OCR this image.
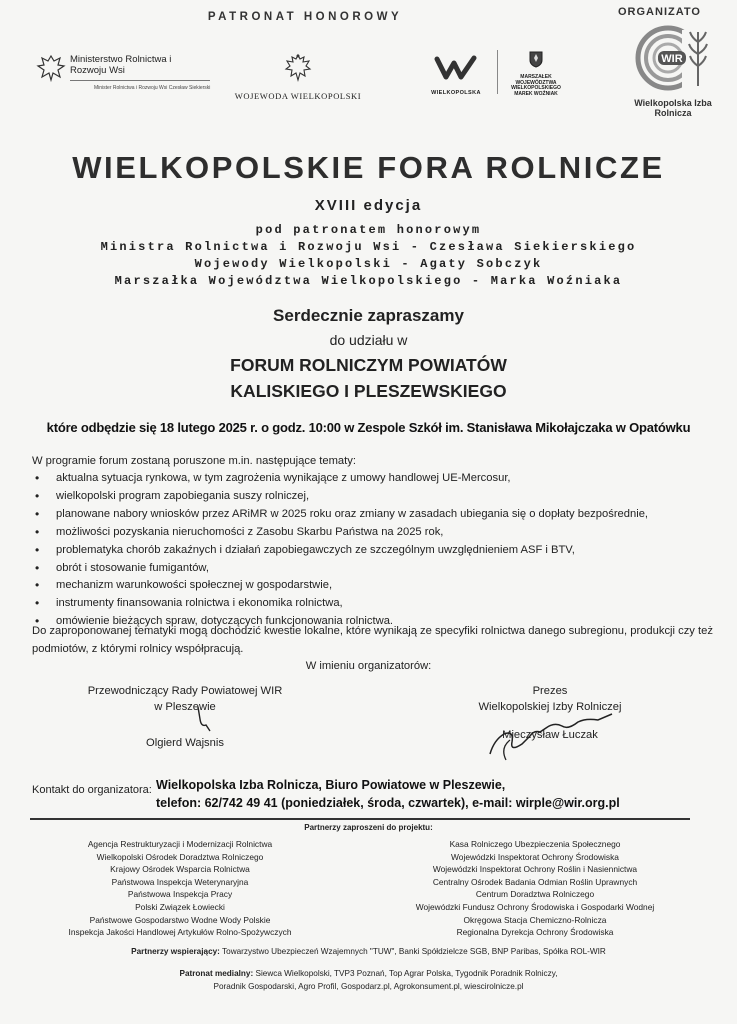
PATRONAT HONOROWY	ORGANIZATO
Ministerstwo Rolnictwa i Rozwoju Wsi
Minister Rolnictwa i Rozwoju Wsi Czesław Siekierski
WOJEWODA WIELKOPOLSKI	WIELKOPOLSKA
MARSZAŁEK WOJEWÓDZTWA WIELKOPOLSKIEGO MAREK WOŹNIAK
WIR
Wielkopolska Izba Rolnicza
WIELKOPOLSKIE FORA ROLNICZE
XVIII edycja
pod patronatem honorowym
Ministra Rolnictwa i Rozwoju Wsi - Czesława Siekierskiego
Wojewody Wielkopolski - Agaty Sobczyk
Marszałka Województwa Wielkopolskiego - Marka Woźniaka
Serdecznie zapraszamy
do udziału w
FORUM ROLNICZYM POWIATÓW
KALISKIEGO I PLESZEWSKIEGO
które odbędzie się 18 lutego 2025 r. o godz. 10:00 w Zespole Szkół im. Stanisława Mikołajczaka w Opatówku
W programie forum zostaną poruszone m.in. następujące tematy:
• aktualna sytuacja rynkowa, w tym zagrożenia wynikające z umowy handlowej UE-Mercosur,
• wielkopolski program zapobiegania suszy rolniczej,
• planowane nabory wniosków przez ARiMR w 2025 roku oraz zmiany w zasadach ubiegania się o dopłaty bezpośrednie,
• możliwości pozyskania nieruchomości z Zasobu Skarbu Państwa na 2025 rok,
• problematyka chorób zakaźnych i działań zapobiegawczych ze szczególnym uwzględnieniem ASF i BTV,
• obrót i stosowanie fumigantów,
• mechanizm warunkowości społecznej w gospodarstwie,
• instrumenty finansowania rolnictwa i ekonomika rolnictwa,
• omówienie bieżących spraw, dotyczących funkcjonowania rolnictwa.
Do zaproponowanej tematyki mogą dochodzić kwestie lokalne, które wynikają ze specyfiki rolnictwa danego subregionu, produkcji czy też podmiotów, z którymi rolnicy współpracują.
W imieniu organizatorów:
Przewodniczący Rady Powiatowej WIR
w Pleszewie
Olgierd Wajsnis
Prezes
Wielkopolskiej Izby Rolniczej
Mieczysław Łuczak
Kontakt do organizatora: Wielkopolska Izba Rolnicza, Biuro Powiatowe w Pleszewie,
telefon: 62/742 49 41 (poniedziałek, środa, czwartek), e-mail: wirple@wir.org.pl
Partnerzy zaproszeni do projektu:
Agencja Restrukturyzacji i Modernizacji Rolnictwa
Wielkopolski Ośrodek Doradztwa Rolniczego
Krajowy Ośrodek Wsparcia Rolnictwa
Państwowa Inspekcja Weterynaryjna
Państwowa Inspekcja Pracy
Polski Związek Łowiecki
Państwowe Gospodarstwo Wodne Wody Polskie
Inspekcja Jakości Handlowej Artykułów Rolno-Spożywczych
Kasa Rolniczego Ubezpieczenia Społecznego
Wojewódzki Inspektorat Ochrony Środowiska
Wojewódzki Inspektorat Ochrony Roślin i Nasiennictwa
Centralny Ośrodek Badania Odmian Roślin Uprawnych
Centrum Doradztwa Rolniczego
Wojewódzki Fundusz Ochrony Środowiska i Gospodarki Wodnej
Okręgowa Stacja Chemiczno-Rolnicza
Regionalna Dyrekcja Ochrony Środowiska
Partnerzy wspierający: Towarzystwo Ubezpieczeń Wzajemnych "TUW", Banki Spółdzielcze SGB, BNP Paribas, Spółka ROL-WIR
Patronat medialny: Siewca Wielkopolski, TVP3 Poznań, Top Agrar Polska, Tygodnik Poradnik Rolniczy,
Poradnik Gospodarski, Agro Profil, Gospodarz.pl, Agrokonsument.pl, wiescirolnicze.pl
